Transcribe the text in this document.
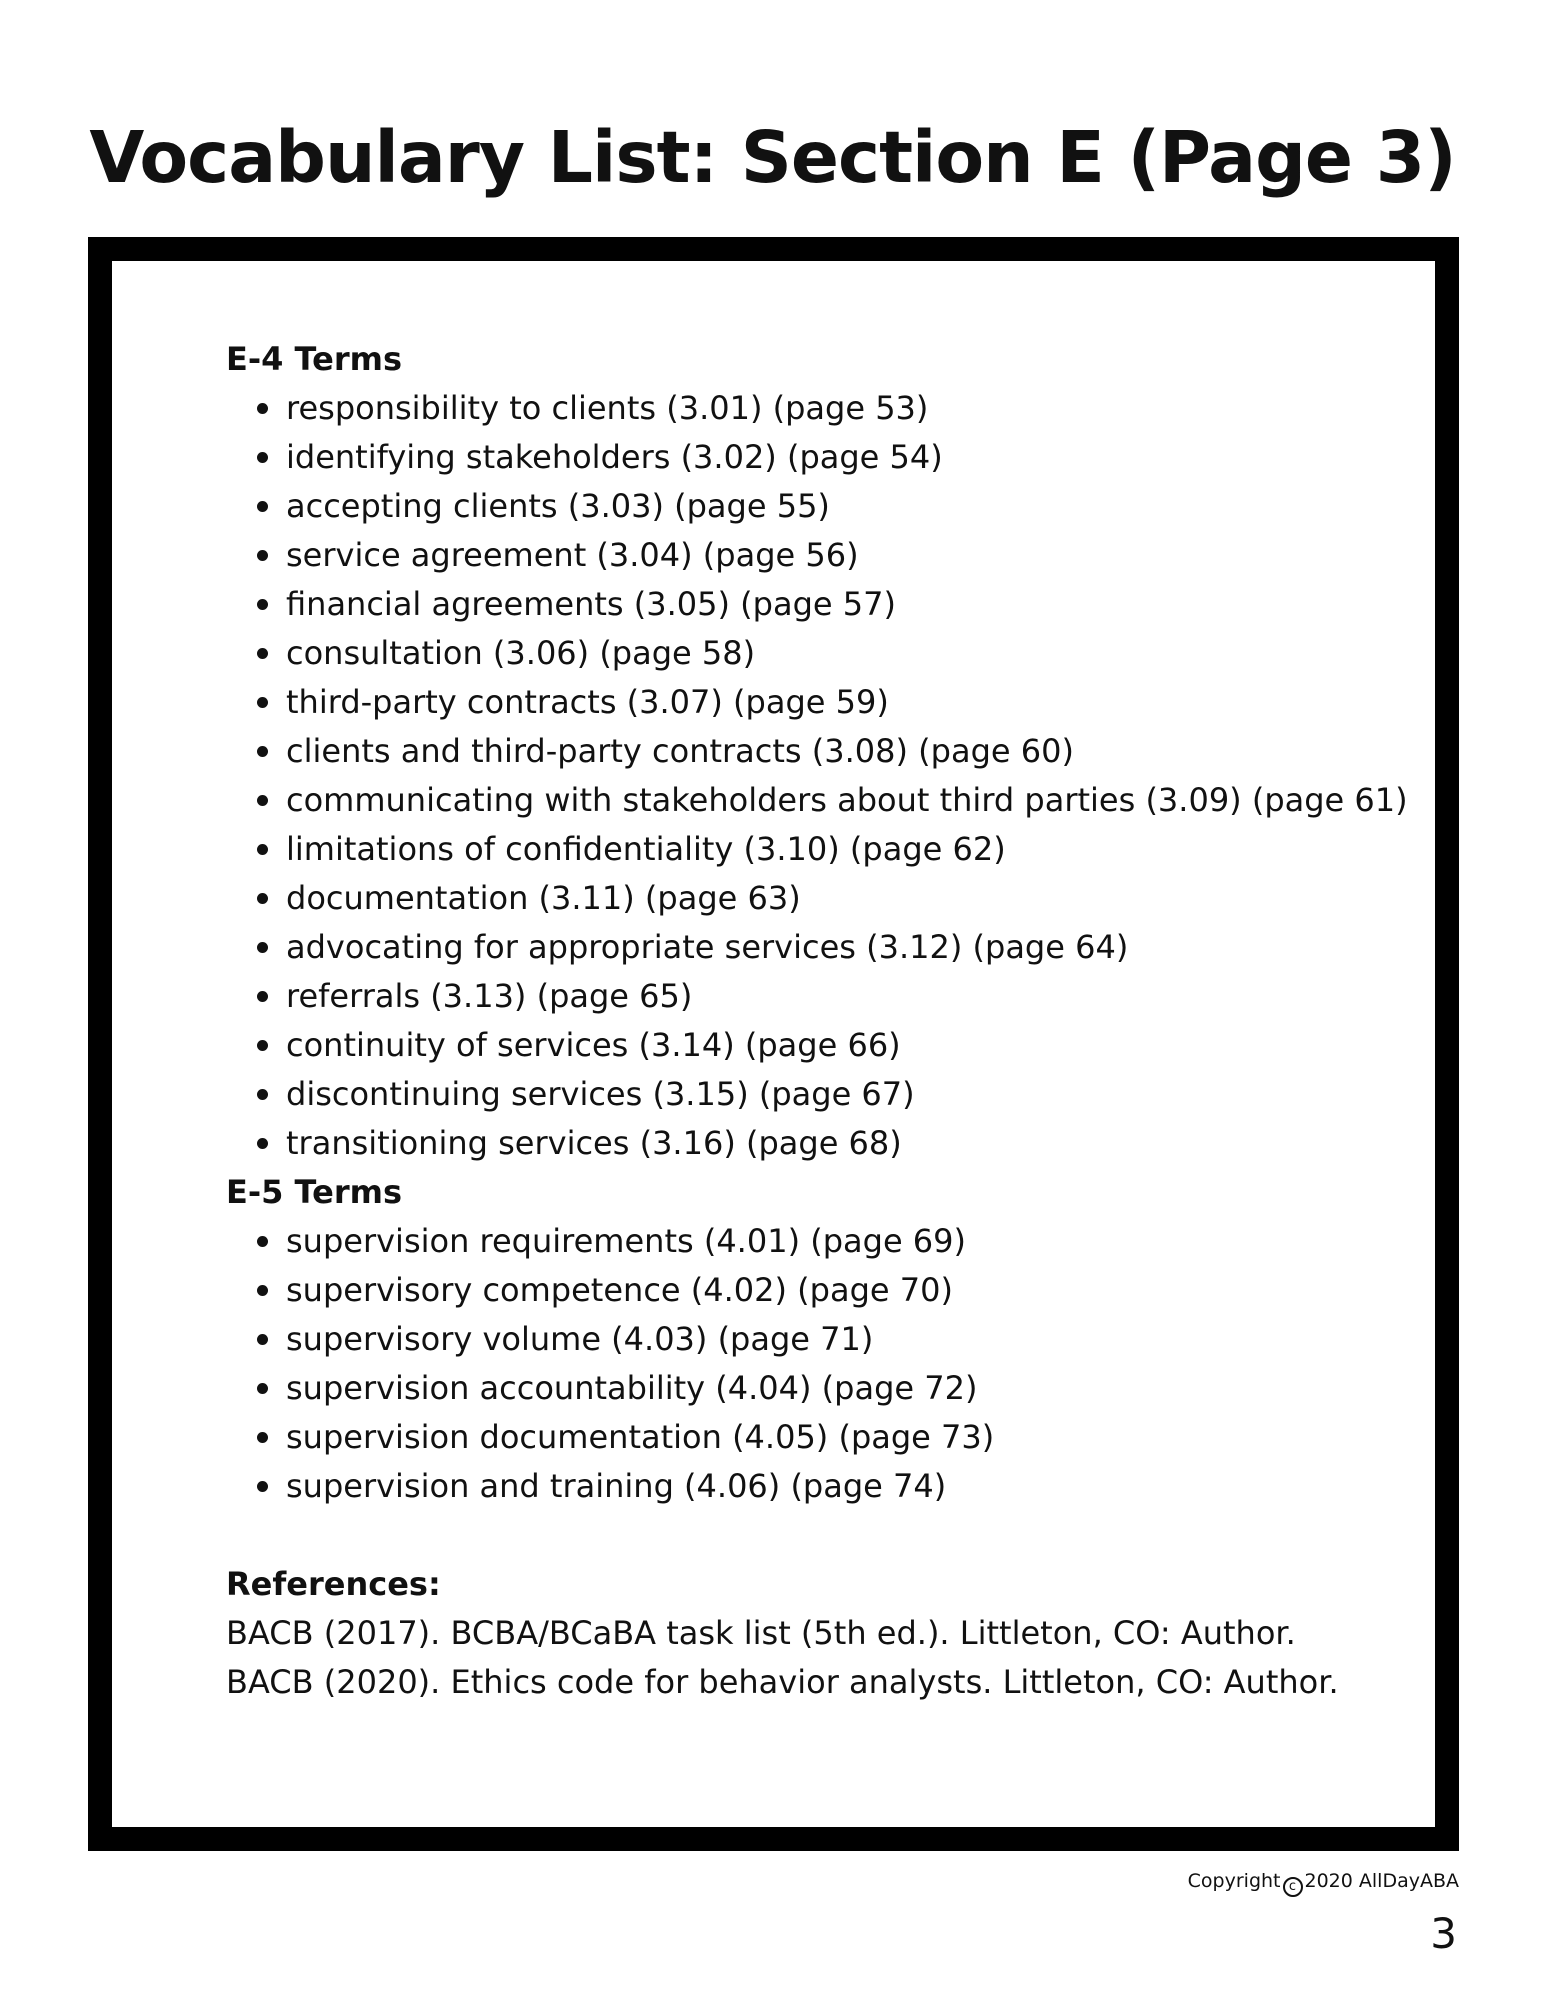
Vocabulary List: Section E (Page 3)
E-4 Terms
responsibility to clients (3.01) (page 53)
identifying stakeholders (3.02) (page 54)
accepting clients (3.03) (page 55)
service agreement (3.04) (page 56)
financial agreements (3.05) (page 57)
consultation (3.06) (page 58)
third-party contracts (3.07) (page 59)
clients and third-party contracts (3.08) (page 60)
communicating with stakeholders about third parties (3.09) (page 61)
limitations of confidentiality (3.10) (page 62)
documentation (3.11) (page 63)
advocating for appropriate services (3.12) (page 64)
referrals (3.13) (page 65)
continuity of services (3.14) (page 66)
discontinuing services (3.15) (page 67)
transitioning services (3.16) (page 68)
E-5 Terms
supervision requirements (4.01) (page 69)
supervisory competence (4.02) (page 70)
supervisory volume (4.03) (page 71)
supervision accountability (4.04) (page 72)
supervision documentation (4.05) (page 73)
supervision and training (4.06) (page 74)
References:
BACB (2017). BCBA/BCaBA task list (5th ed.). Littleton, CO: Author.
BACB (2020). Ethics code for behavior analysts. Littleton, CO: Author.
Copyright c 2020 AllDayABA
3
